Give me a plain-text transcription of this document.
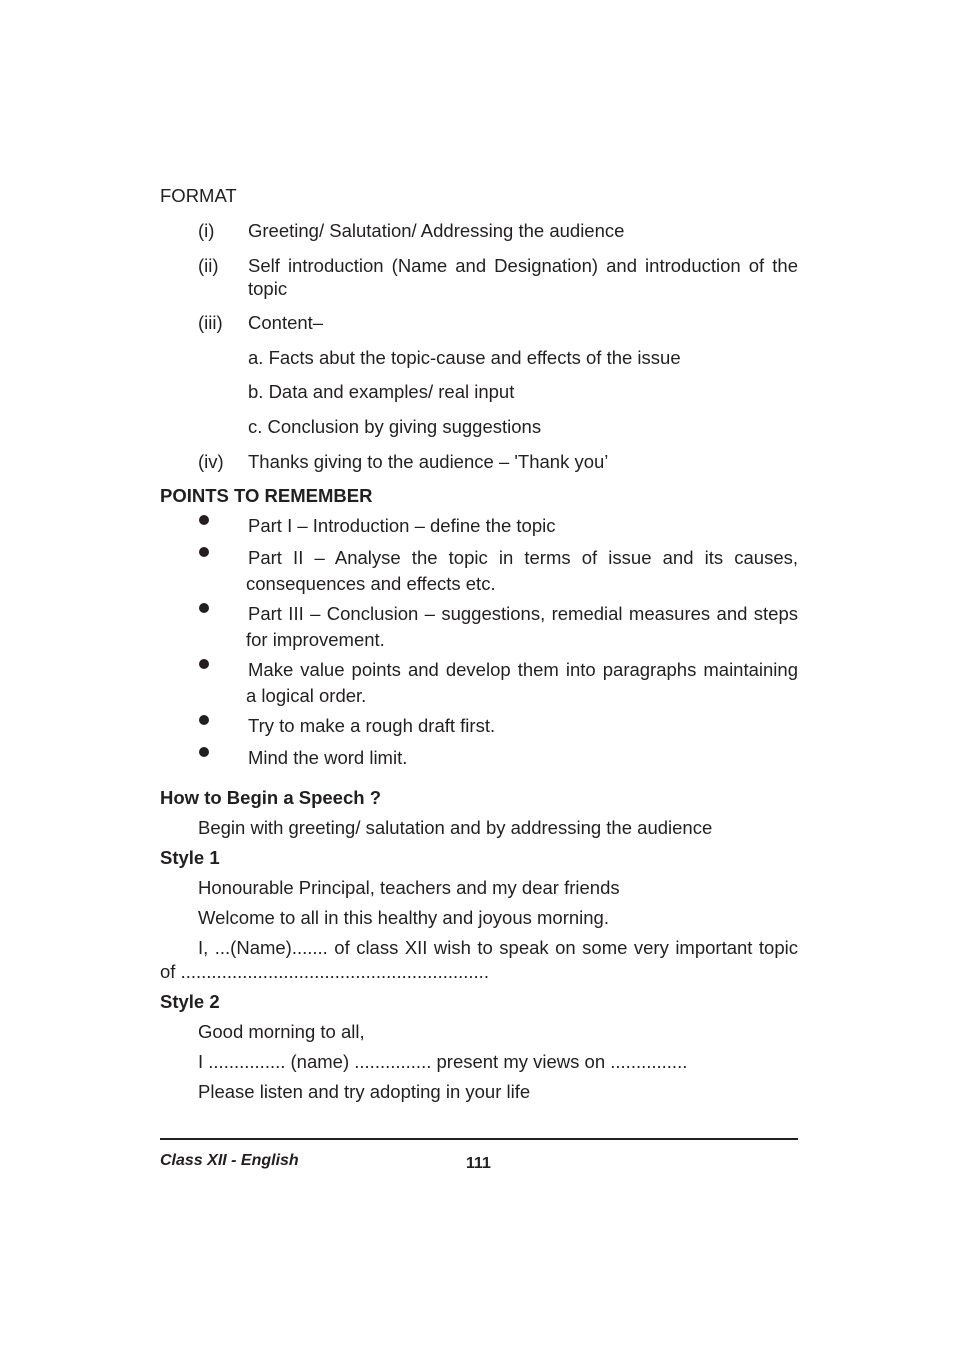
FORMAT
(i) Greeting/ Salutation/ Addressing the audience
(ii) Self introduction (Name and Designation) and introduction of the
topic
(iii) Content–
a. Facts abut the topic-cause and effects of the issue
b. Data and examples/ real input
c. Conclusion by giving suggestions
(iv) Thanks giving to the audience – 'Thank you’
POINTS TO REMEMBER
Part I – Introduction – define the topic
Part II – Analyse the topic in terms of issue and its causes,
consequences and effects etc.
Part III – Conclusion – suggestions, remedial measures and steps
for improvement.
Make value points and develop them into paragraphs maintaining
a logical order.
Try to make a rough draft first.
Mind the word limit.
How to Begin a Speech ?
Begin with greeting/ salutation and by addressing the audience
Style 1
Honourable Principal, teachers and my dear friends
Welcome to all in this healthy and joyous morning.
I, ...(Name)....... of class XII wish to speak on some very important topic
of ............................................................
Style 2
Good morning to all,
I ............... (name) ............... present my views on ...............
Please listen and try adopting in your life
Class XII - English	111
